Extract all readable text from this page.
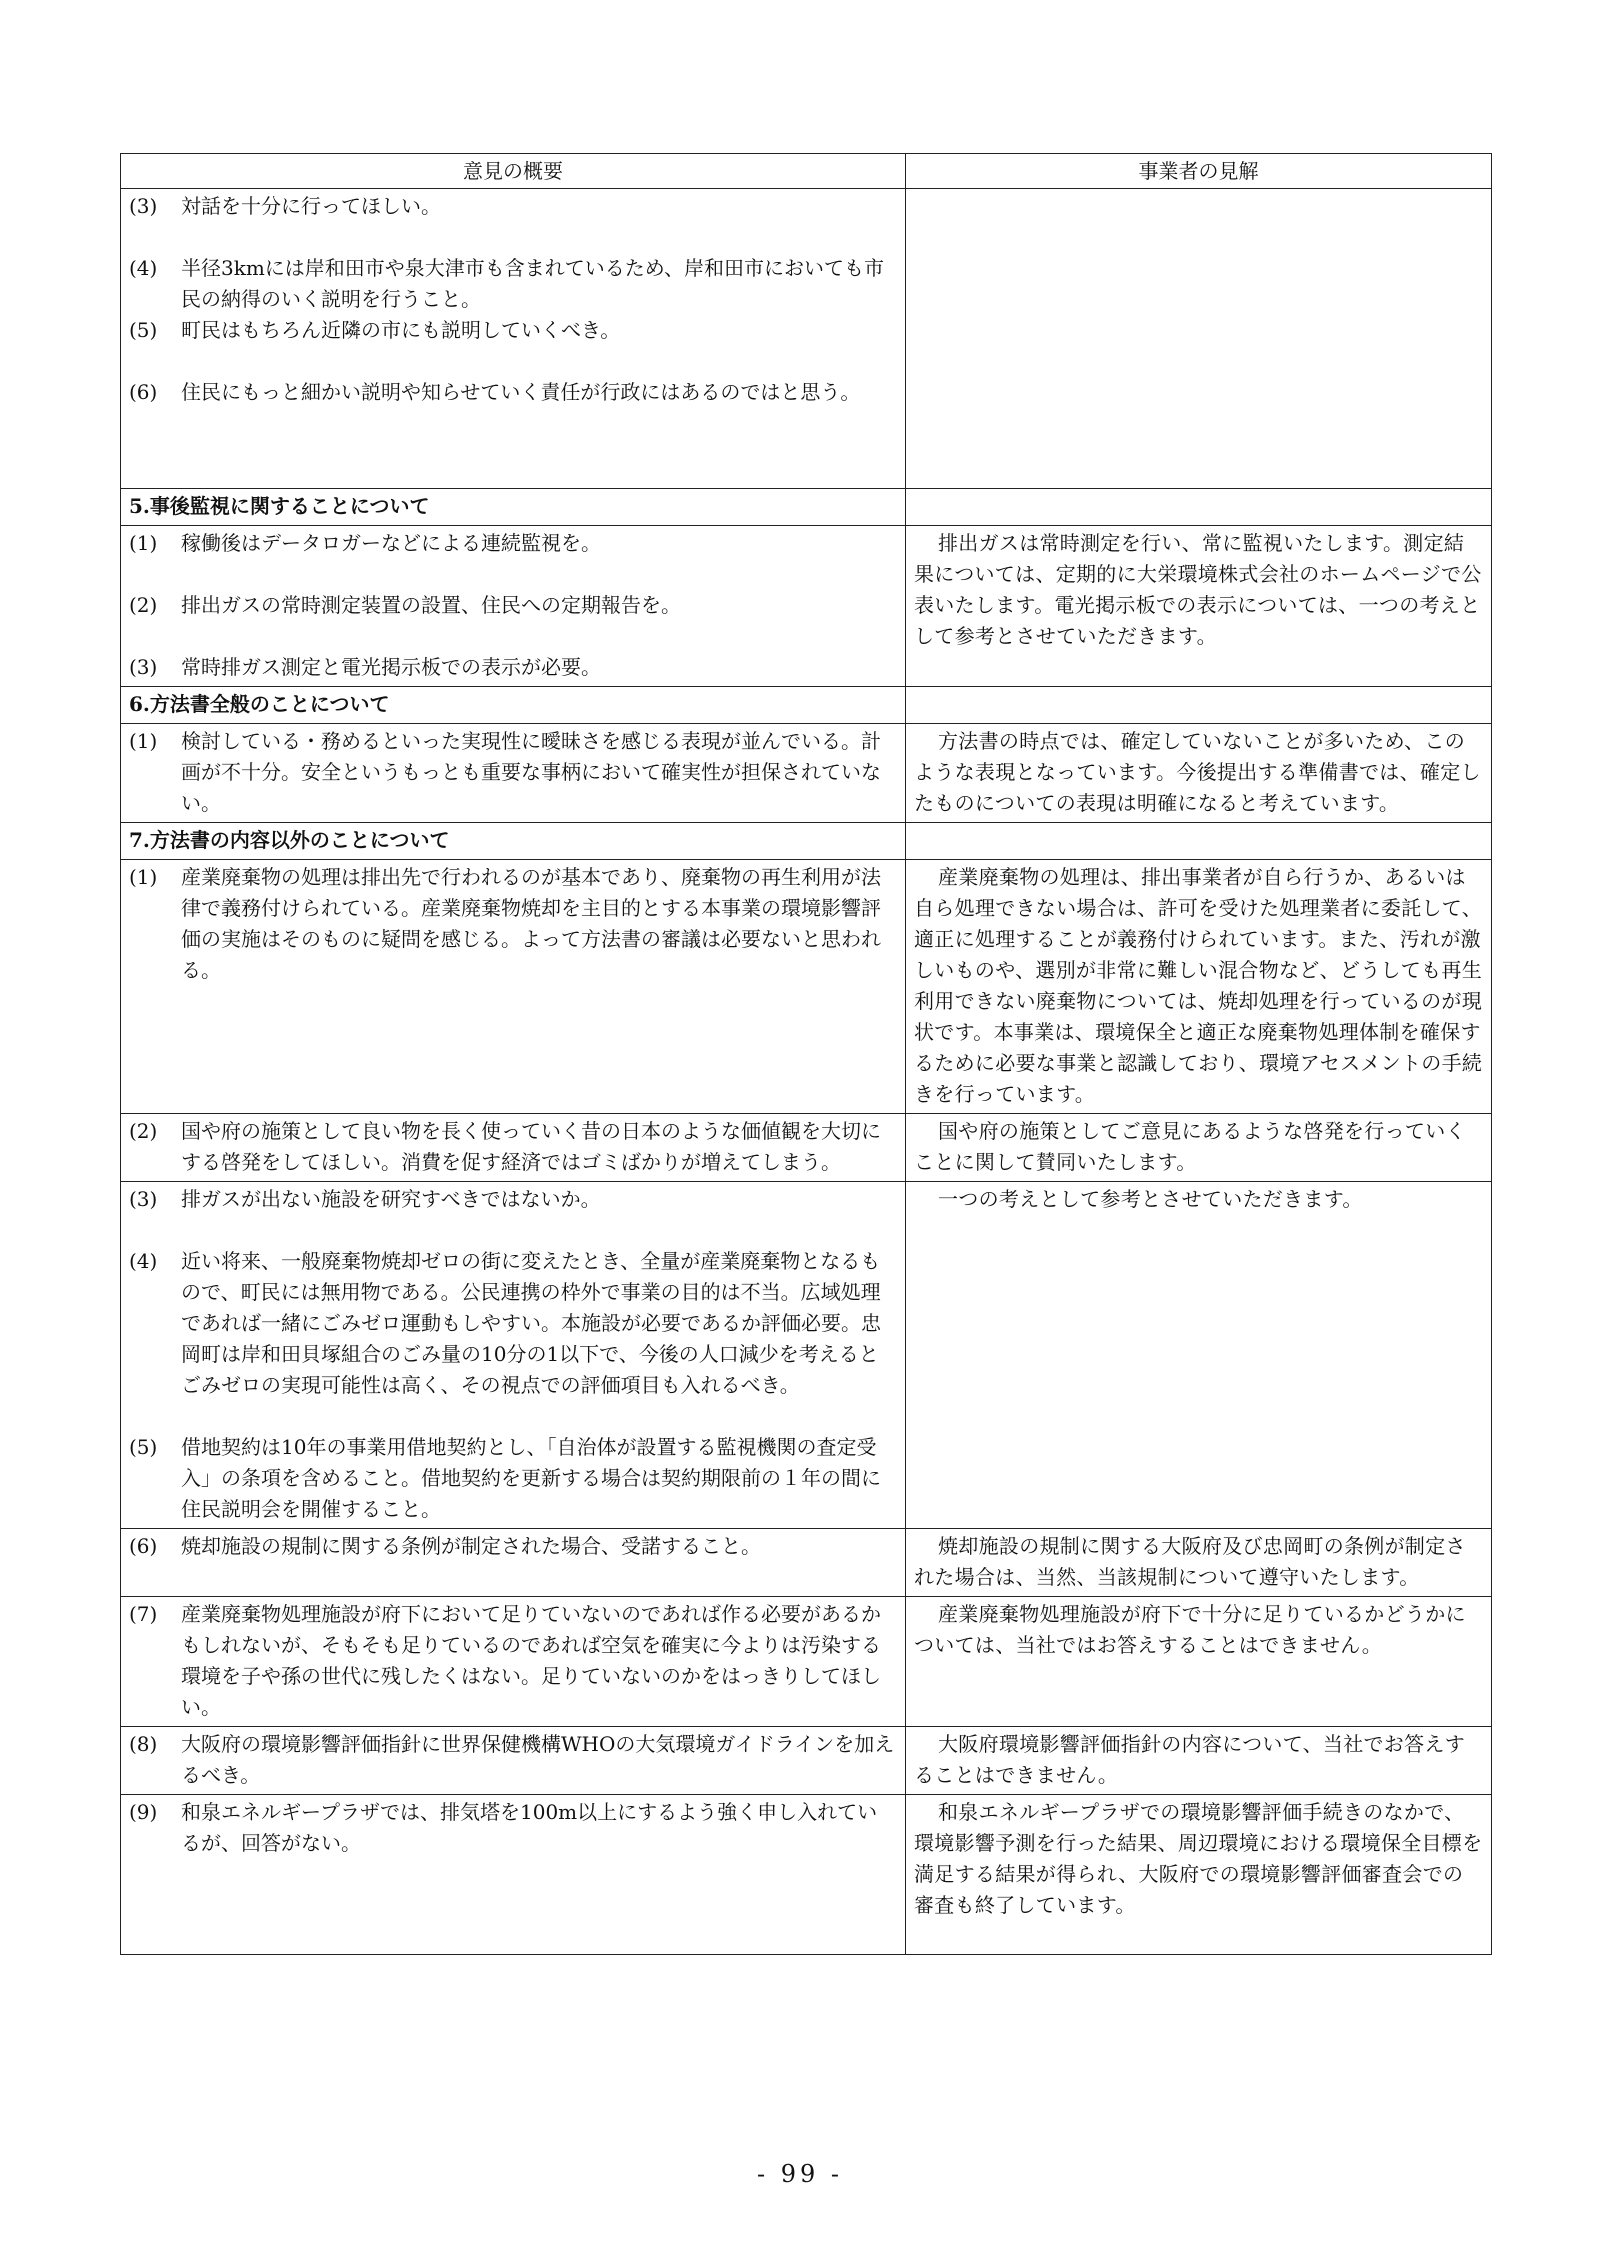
意見の概要	事業者の見解

(3) 対話を十分に行ってほしい。
(4) 半径3kmには岸和田市や泉大津市も含まれているため、岸和田市においても市民の納得のいく説明を行うこと。
(5) 町民はもちろん近隣の市にも説明していくべき。
(6) 住民にもっと細かい説明や知らせていく責任が行政にはあるのではと思う。	

5.事後監視に関することについて	

(1) 稼働後はデータロガーなどによる連続監視を。
(2) 排出ガスの常時測定装置の設置、住民への定期報告を。
(3) 常時排ガス測定と電光掲示板での表示が必要。	排出ガスは常時測定を行い、常に監視いたします。測定結果については、定期的に大栄環境株式会社のホームページで公表いたします。電光掲示板での表示については、一つの考えとして参考とさせていただきます。
6.方法書全般のことについて	

(1) 検討している・務めるといった実現性に曖昧さを感じる表現が並んでいる。計画が不十分。安全というもっとも重要な事柄において確実性が担保されていない。	方法書の時点では、確定していないことが多いため、このような表現となっています。今後提出する準備書では、確定したものについての表現は明確になると考えています。
7.方法書の内容以外のことについて	

(1) 産業廃棄物の処理は排出先で行われるのが基本であり、廃棄物の再生利用が法律で義務付けられている。産業廃棄物焼却を主目的とする本事業の環境影響評価の実施はそのものに疑問を感じる。よって方法書の審議は必要ないと思われる。	産業廃棄物の処理は、排出事業者が自ら行うか、あるいは自ら処理できない場合は、許可を受けた処理業者に委託して、適正に処理することが義務付けられています。また、汚れが激しいものや、選別が非常に難しい混合物など、どうしても再生利用できない廃棄物については、焼却処理を行っているのが現状です。本事業は、環境保全と適正な廃棄物処理体制を確保するために必要な事業と認識しており、環境アセスメントの手続きを行っています。

(2) 国や府の施策として良い物を長く使っていく昔の日本のような価値観を大切にする啓発をしてほしい。消費を促す経済ではゴミばかりが増えてしまう。	国や府の施策としてご意見にあるような啓発を行っていくことに関して賛同いたします。

(3) 排ガスが出ない施設を研究すべきではないか。
(4) 近い将来、一般廃棄物焼却ゼロの街に変えたとき、全量が産業廃棄物となるもので、町民には無用物である。公民連携の枠外で事業の目的は不当。広域処理であれば一緒にごみゼロ運動もしやすい。本施設が必要であるか評価必要。忠岡町は岸和田貝塚組合のごみ量の10分の1以下で、今後の人口減少を考えるとごみゼロの実現可能性は高く、その視点での評価項目も入れるべき。
(5) 借地契約は10年の事業用借地契約とし、「自治体が設置する監視機関の査定受入」の条項を含めること。借地契約を更新する場合は契約期限前の１年の間に住民説明会を開催すること。	一つの考えとして参考とさせていただきます。

(6) 焼却施設の規制に関する条例が制定された場合、受諾すること。	焼却施設の規制に関する大阪府及び忠岡町の条例が制定された場合は、当然、当該規制について遵守いたします。

(7) 産業廃棄物処理施設が府下において足りていないのであれば作る必要があるかもしれないが、そもそも足りているのであれば空気を確実に今よりは汚染する環境を子や孫の世代に残したくはない。足りていないのかをはっきりしてほしい。	産業廃棄物処理施設が府下で十分に足りているかどうかについては、当社ではお答えすることはできません。

(8) 大阪府の環境影響評価指針に世界保健機構WHOの大気環境ガイドラインを加えるべき。	大阪府環境影響評価指針の内容について、当社でお答えすることはできません。

(9) 和泉エネルギープラザでは、排気塔を100m以上にするよう強く申し入れているが、回答がない。	和泉エネルギープラザでの環境影響評価手続きのなかで、環境影響予測を行った結果、周辺環境における環境保全目標を満足する結果が得られ、大阪府での環境影響評価審査会での審査も終了しています。
- 99 -
